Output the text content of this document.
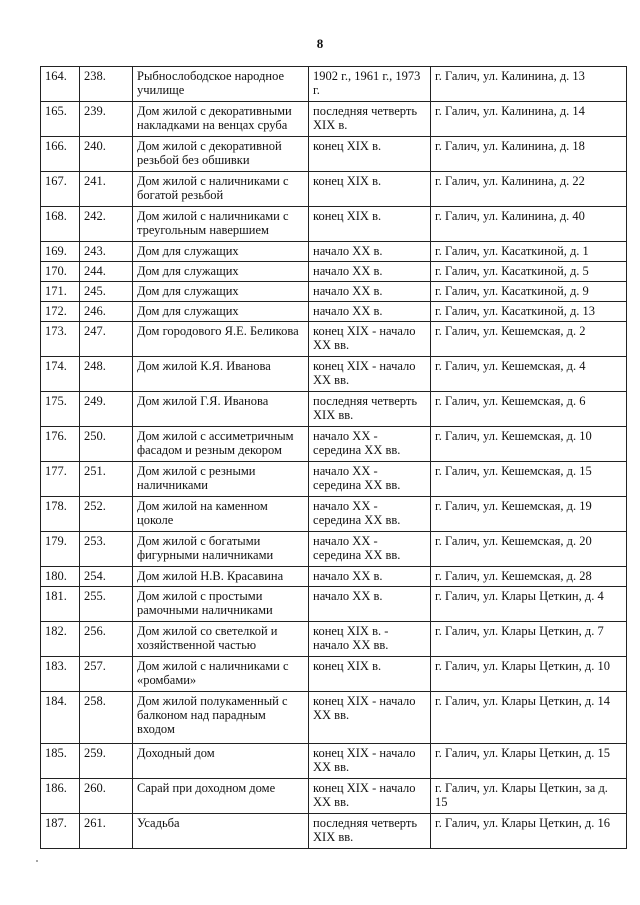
8
164.	238.	Рыбнослободское народное училище	1902 г., 1961 г., 1973 г.	г. Галич, ул. Калинина, д. 13
165.	239.	Дом жилой с декоративными накладками на венцах сруба	последняя четверть XIX в.	г. Галич, ул. Калинина, д. 14
166.	240.	Дом жилой с декоративной резьбой без обшивки	конец XIX в.	г. Галич, ул. Калинина, д. 18
167.	241.	Дом жилой с наличниками с богатой резьбой	конец XIX в.	г. Галич, ул. Калинина, д. 22
168.	242.	Дом жилой с наличниками с треугольным навершием	конец XIX в.	г. Галич, ул. Калинина, д. 40
169.	243.	Дом для служащих	начало XX в.	г. Галич, ул. Касаткиной, д. 1
170.	244.	Дом для служащих	начало XX в.	г. Галич, ул. Касаткиной, д. 5
171.	245.	Дом для служащих	начало XX в.	г. Галич, ул. Касаткиной, д. 9
172.	246.	Дом для служащих	начало XX в.	г. Галич, ул. Касаткиной, д. 13
173.	247.	Дом городового Я.Е. Беликова	конец XIX - начало XX вв.	г. Галич, ул. Кешемская, д. 2
174.	248.	Дом жилой К.Я. Иванова	конец XIX - начало XX вв.	г. Галич, ул. Кешемская, д. 4
175.	249.	Дом жилой Г.Я. Иванова	последняя четверть XIX вв.	г. Галич, ул. Кешемская, д. 6
176.	250.	Дом жилой с ассиметричным фасадом и резным декором	начало XX - середина XX вв.	г. Галич, ул. Кешемская, д. 10
177.	251.	Дом жилой с резными наличниками	начало XX - середина XX вв.	г. Галич, ул. Кешемская, д. 15
178.	252.	Дом жилой на каменном цоколе	начало XX - середина XX вв.	г. Галич, ул. Кешемская, д. 19
179.	253.	Дом жилой с богатыми фигурными наличниками	начало XX - середина XX вв.	г. Галич, ул. Кешемская, д. 20
180.	254.	Дом жилой Н.В. Красавина	начало XX в.	г. Галич, ул. Кешемская, д. 28
181.	255.	Дом жилой с простыми рамочными наличниками	начало XX в.	г. Галич, ул. Клары Цеткин, д. 4
182.	256.	Дом жилой со светелкой и хозяйственной частью	конец XIX в. - начало XX вв.	г. Галич, ул. Клары Цеткин, д. 7
183.	257.	Дом жилой с наличниками с «ромбами»	конец XIX в.	г. Галич, ул. Клары Цеткин, д. 10
184.	258.	Дом жилой полукаменный с балконом над парадным входом	конец XIX - начало XX вв.	г. Галич, ул. Клары Цеткин, д. 14
185.	259.	Доходный дом	конец XIX - начало XX вв.	г. Галич, ул. Клары Цеткин, д. 15
186.	260.	Сарай при доходном доме	конец XIX - начало XX вв.	г. Галич, ул. Клары Цеткин, за д. 15
187.	261.	Усадьба	последняя четверть XIX вв.	г. Галич, ул. Клары Цеткин, д. 16
